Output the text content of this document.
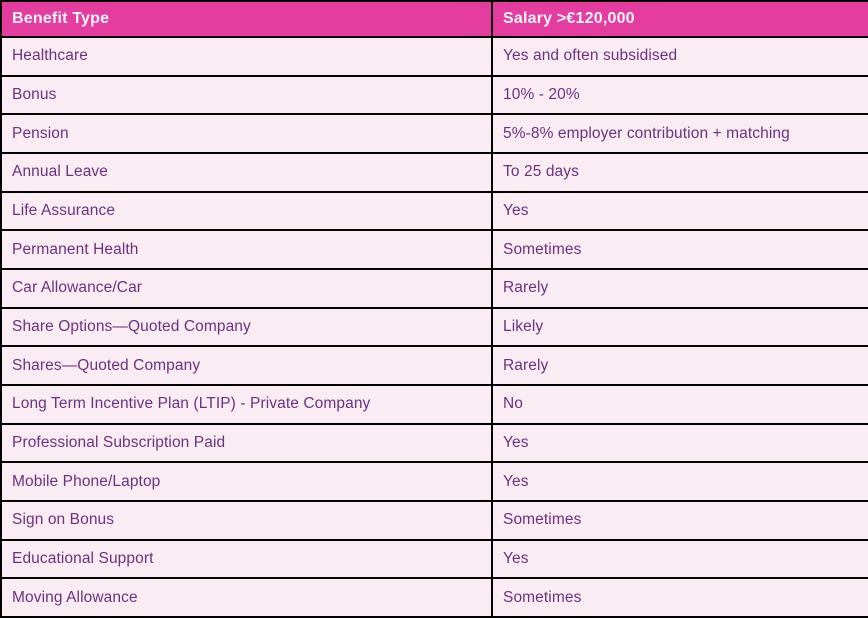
Benefit Type	Salary >€120,000
Healthcare	Yes and often subsidised
Bonus	10% - 20%
Pension	5%-8% employer contribution + matching
Annual Leave	To 25 days
Life Assurance	Yes
Permanent Health	Sometimes
Car Allowance/Car	Rarely
Share Options—Quoted Company	Likely
Shares—Quoted Company	Rarely
Long Term Incentive Plan (LTIP) - Private Company	No
Professional Subscription Paid	Yes
Mobile Phone/Laptop	Yes
Sign on Bonus	Sometimes
Educational Support	Yes
Moving Allowance	Sometimes
